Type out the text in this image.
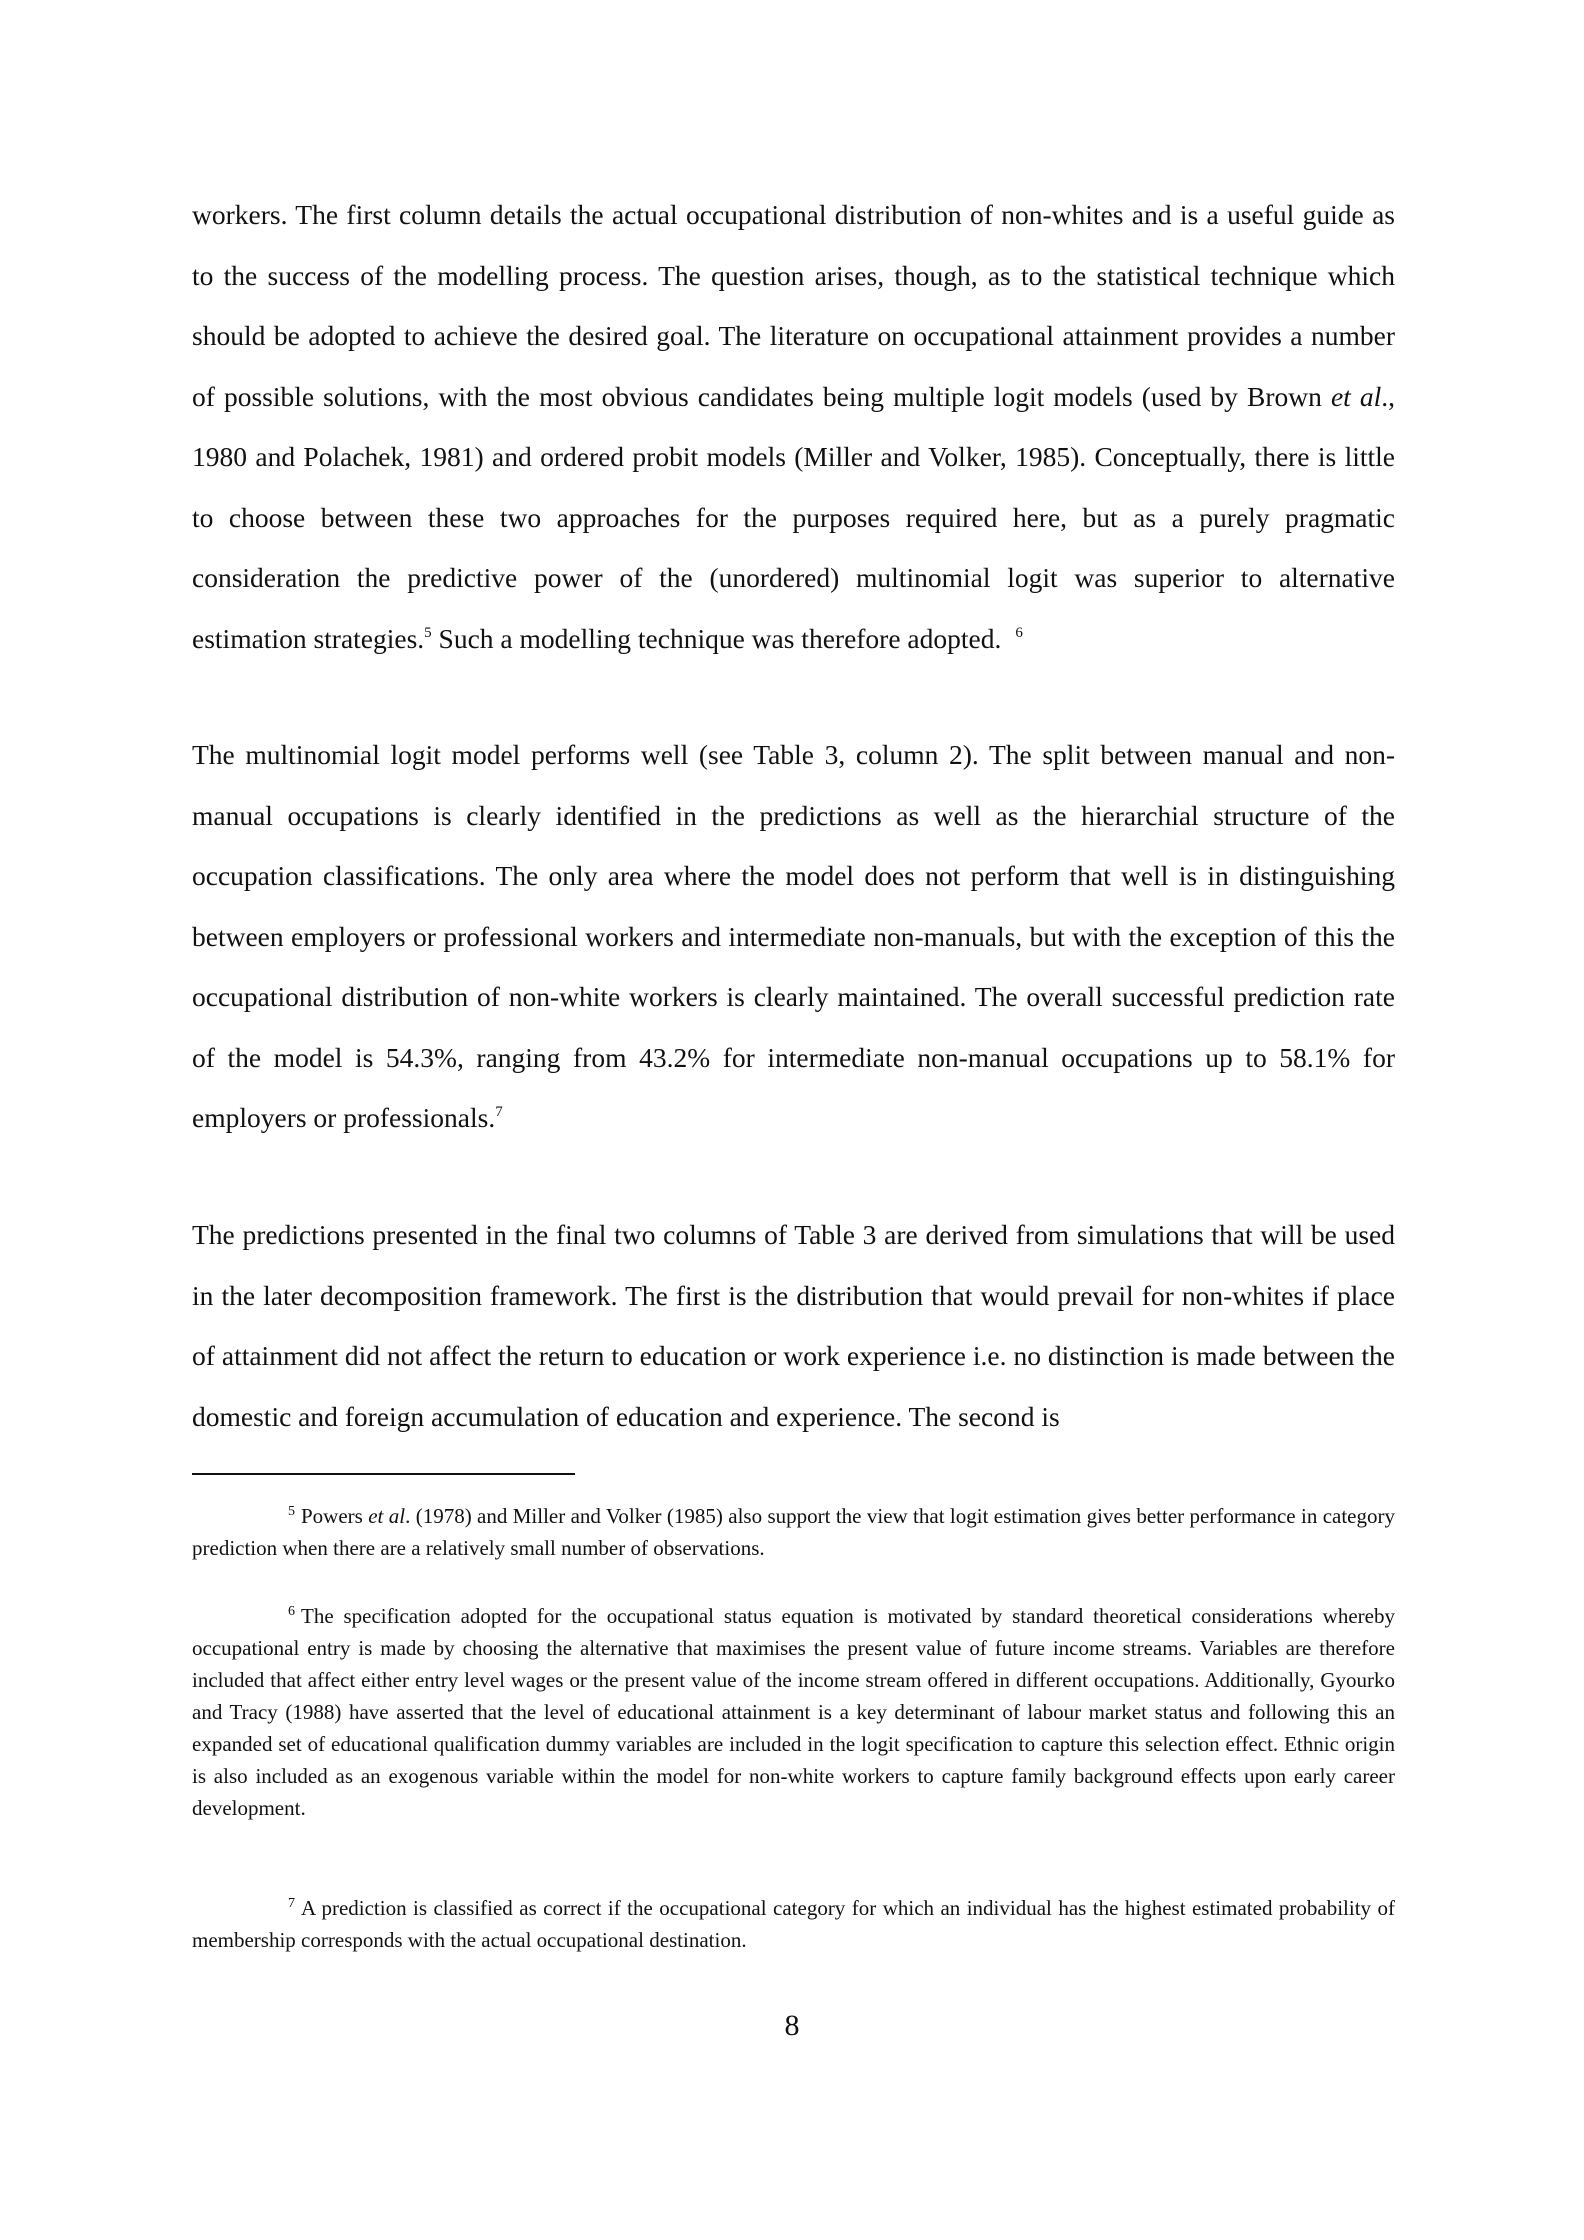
workers. The first column details the actual occupational distribution of non-whites and is a useful guide as to the success of the modelling process. The question arises, though, as to the statistical technique which should be adopted to achieve the desired goal. The literature on occupational attainment provides a number of possible solutions, with the most obvious candidates being multiple logit models (used by Brown et al., 1980 and Polachek, 1981) and ordered probit models (Miller and Volker, 1985). Conceptually, there is little to choose between these two approaches for the purposes required here, but as a purely pragmatic consideration the predictive power of the (unordered) multinomial logit was superior to alternative estimation strategies.$^5$ Such a modelling technique was therefore adopted. $^6$

The multinomial logit model performs well (see Table 3, column 2). The split between manual and non-manual occupations is clearly identified in the predictions as well as the hierarchial structure of the occupation classifications. The only area where the model does not perform that well is in distinguishing between employers or professional workers and intermediate non-manuals, but with the exception of this the occupational distribution of non-white workers is clearly maintained. The overall successful prediction rate of the model is 54.3%, ranging from 43.2% for intermediate non-manual occupations up to 58.1% for employers or professionals.$^7$

The predictions presented in the final two columns of Table 3 are derived from simulations that will be used in the later decomposition framework. The first is the distribution that would prevail for non-whites if place of attainment did not affect the return to education or work experience i.e. no distinction is made between the domestic and foreign accumulation of education and experience. The second is

$^5$ Powers et al. (1978) and Miller and Volker (1985) also support the view that logit estimation gives better performance in category prediction when there are a relatively small number of observations.

$^6$ The specification adopted for the occupational status equation is motivated by standard theoretical considerations whereby occupational entry is made by choosing the alternative that maximises the present value of future income streams. Variables are therefore included that affect either entry level wages or the present value of the income stream offered in different occupations. Additionally, Gyourko and Tracy (1988) have asserted that the level of educational attainment is a key determinant of labour market status and following this an expanded set of educational qualification dummy variables are included in the logit specification to capture this selection effect. Ethnic origin is also included as an exogenous variable within the model for non-white workers to capture family background effects upon early career development.

$^7$ A prediction is classified as correct if the occupational category for which an individual has the highest estimated probability of membership corresponds with the actual occupational destination.

8
